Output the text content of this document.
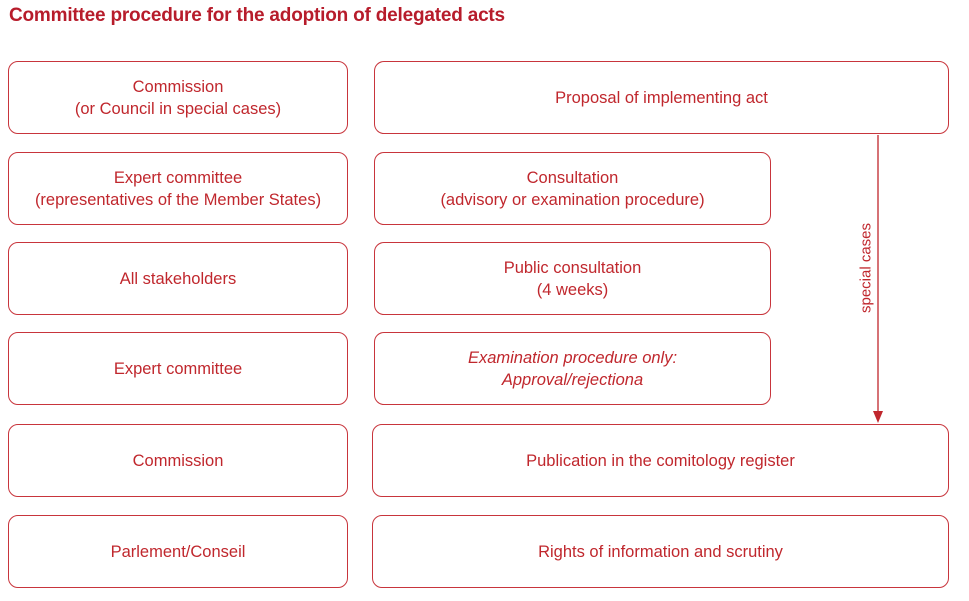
Committee procedure for the adoption of delegated acts
Commission
(or Council in special cases)
Expert committee
(representatives of the Member States)
All stakeholders
Expert committee
Commission
Parlement/Conseil
Proposal of implementing act
Consultation
(advisory or examination procedure)
Public consultation
(4 weeks)
Examination procedure only:
Approval/rejectiona
Publication in the comitology register
Rights of information and scrutiny
special cases
